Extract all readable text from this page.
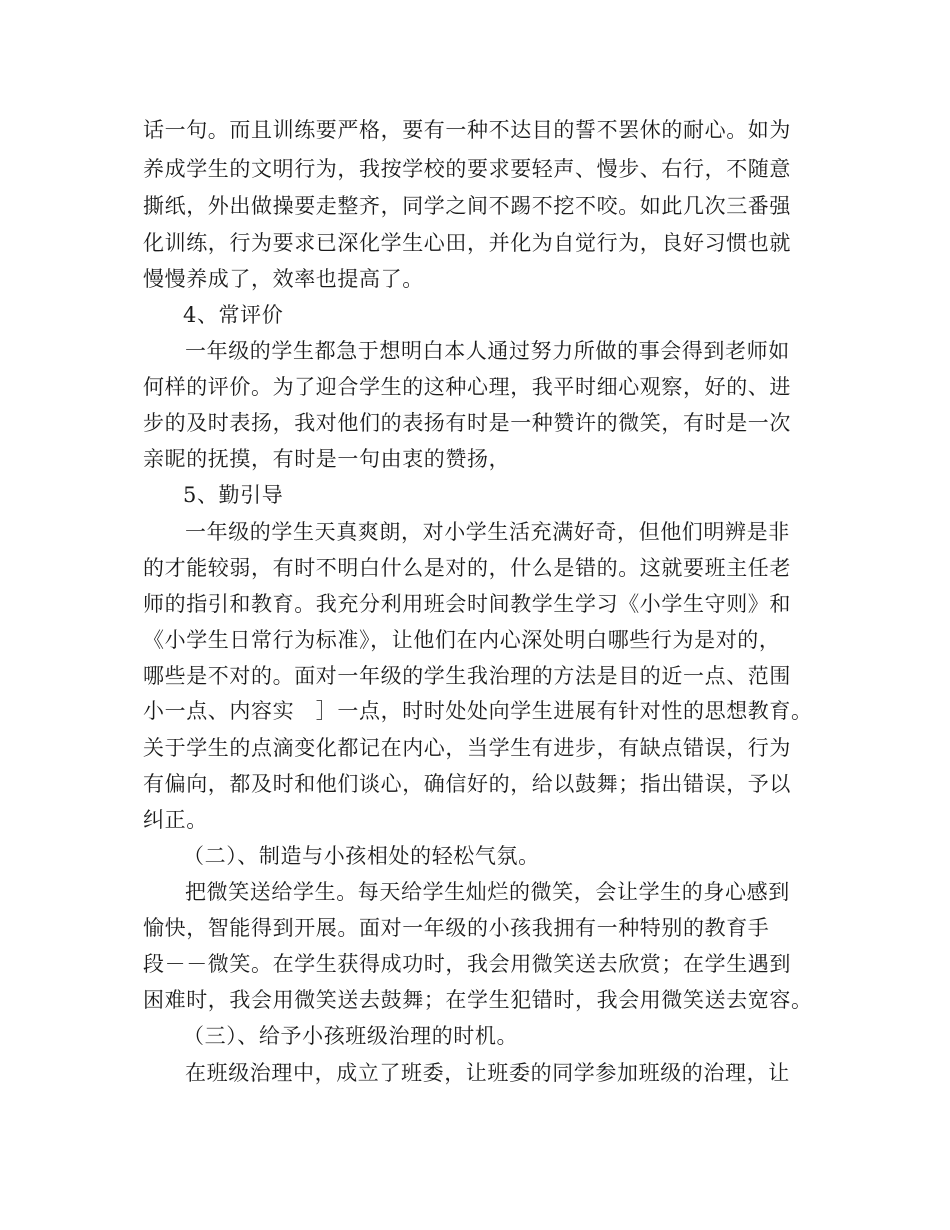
话一句。而且训练要严格，要有一种不达目的誓不罢休的耐心。如为
养成学生的文明行为，我按学校的要求要轻声、慢步、右行，不随意
撕纸，外出做操要走整齐，同学之间不踢不挖不咬。如此几次三番强
化训练，行为要求已深化学生心田，并化为自觉行为，良好习惯也就
慢慢养成了，效率也提高了。
4、常评价
一年级的学生都急于想明白本人通过努力所做的事会得到老师如
何样的评价。为了迎合学生的这种心理，我平时细心观察，好的、进
步的及时表扬，我对他们的表扬有时是一种赞许的微笑，有时是一次
亲昵的抚摸，有时是一句由衷的赞扬，
5、勤引导
一年级的学生天真爽朗，对小学生活充满好奇，但他们明辨是非
的才能较弱，有时不明白什么是对的，什么是错的。这就要班主任老
师的指引和教育。我充分利用班会时间教学生学习《小学生守则》和
《小学生日常行为标准》，让他们在内心深处明白哪些行为是对的，
哪些是不对的。面对一年级的学生我治理的方法是目的近一点、范围
小一点、内容实　］一点，时时处处向学生进展有针对性的思想教育。
关于学生的点滴变化都记在内心，当学生有进步，有缺点错误，行为
有偏向，都及时和他们谈心，确信好的，给以鼓舞；指出错误，予以
纠正。
（二）、制造与小孩相处的轻松气氛。
把微笑送给学生。每天给学生灿烂的微笑，会让学生的身心感到
愉快，智能得到开展。面对一年级的小孩我拥有一种特别的教育手
段－－微笑。在学生获得成功时，我会用微笑送去欣赏；在学生遇到
困难时，我会用微笑送去鼓舞；在学生犯错时，我会用微笑送去宽容。
（三）、给予小孩班级治理的时机。
在班级治理中，成立了班委，让班委的同学参加班级的治理，让
